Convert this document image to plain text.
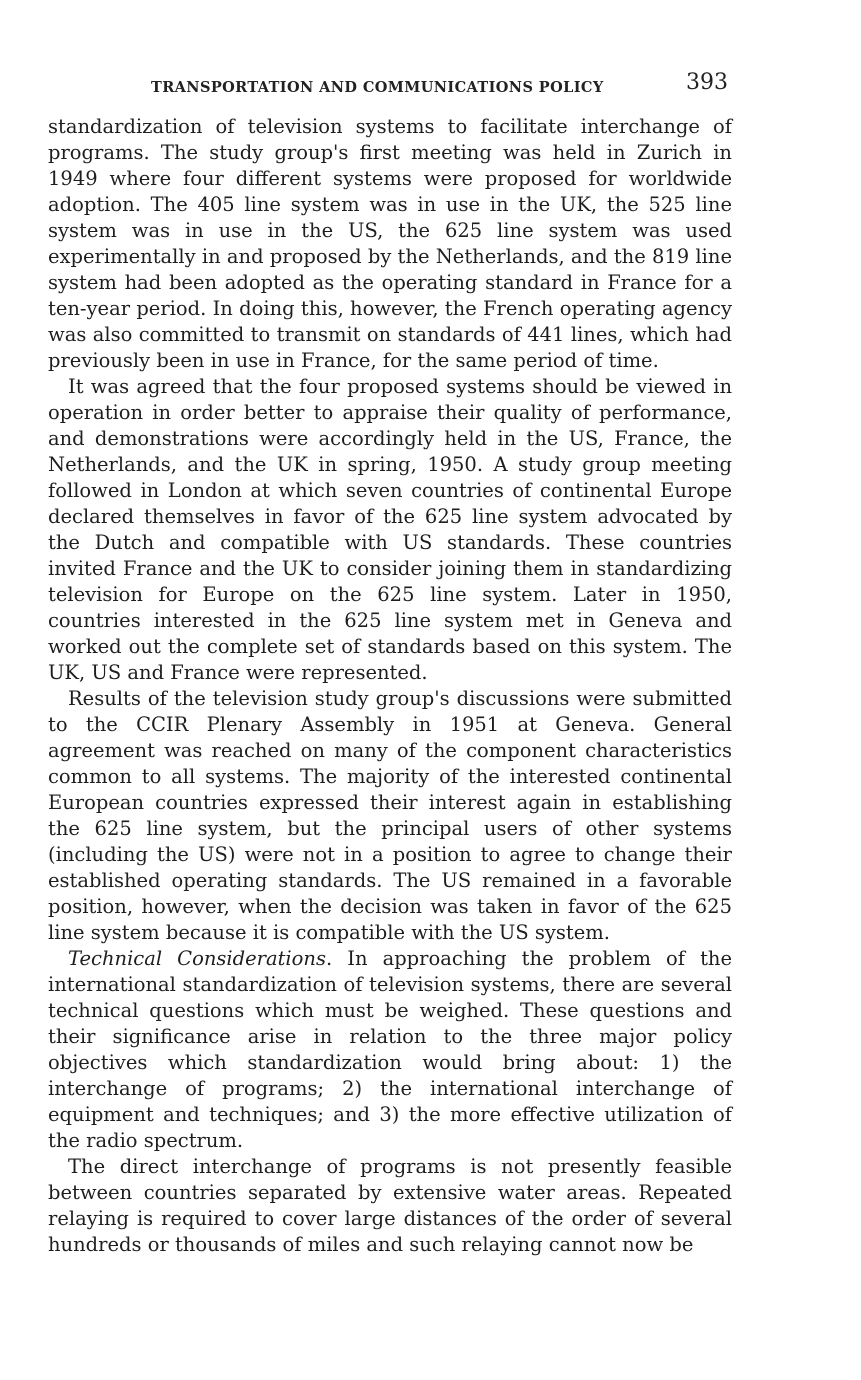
TRANSPORTATION AND COMMUNICATIONS POLICY	393

standardization of television systems to facilitate interchange of programs. The study group's first meeting was held in Zurich in 1949 where four different systems were proposed for worldwide adoption. The 405 line system was in use in the UK, the 525 line system was in use in the US, the 625 line system was used experimentally in and proposed by the Netherlands, and the 819 line system had been adopted as the operating standard in France for a ten-year period. In doing this, however, the French operating agency was also committed to transmit on standards of 441 lines, which had previously been in use in France, for the same period of time.

It was agreed that the four proposed systems should be viewed in operation in order better to appraise their quality of performance, and demonstrations were accordingly held in the US, France, the Netherlands, and the UK in spring, 1950. A study group meeting followed in London at which seven countries of continental Europe declared themselves in favor of the 625 line system advocated by the Dutch and compatible with US standards. These countries invited France and the UK to consider joining them in standardizing television for Europe on the 625 line system. Later in 1950, countries interested in the 625 line system met in Geneva and worked out the complete set of standards based on this system. The UK, US and France were represented.

Results of the television study group's discussions were submitted to the CCIR Plenary Assembly in 1951 at Geneva. General agreement was reached on many of the component characteristics common to all systems. The majority of the interested continental European countries expressed their interest again in establishing the 625 line system, but the principal users of other systems (including the US) were not in a position to agree to change their established operating standards. The US remained in a favorable position, however, when the decision was taken in favor of the 625 line system because it is compatible with the US system.

Technical Considerations. In approaching the problem of the international standardization of television systems, there are several technical questions which must be weighed. These questions and their significance arise in relation to the three major policy objectives which standardization would bring about: 1) the interchange of programs; 2) the international interchange of equipment and techniques; and 3) the more effective utilization of the radio spectrum.

The direct interchange of programs is not presently feasible between countries separated by extensive water areas. Repeated relaying is required to cover large distances of the order of several hundreds or thousands of miles and such relaying cannot now be
